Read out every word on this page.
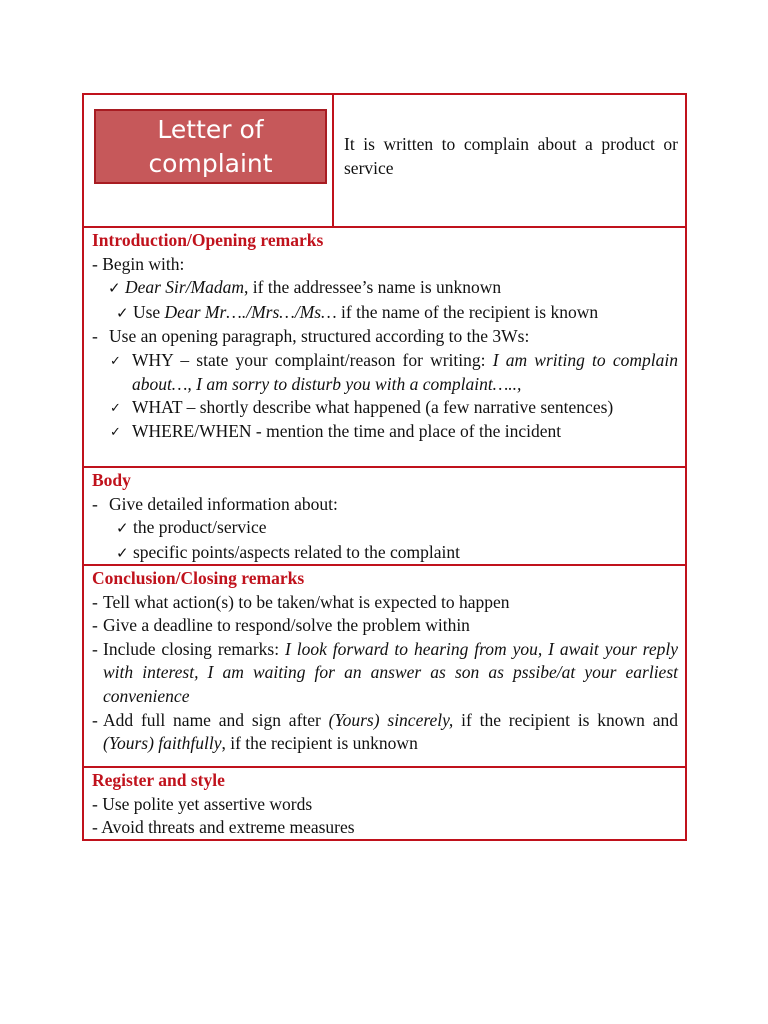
Letter of
complaint
It is written to complain about a product or service
Introduction/Opening remarks
- Begin with:
✓ Dear Sir/Madam, if the addressee’s name is unknown
✓ Use Dear Mr…./Mrs…/Ms… if the name of the recipient is known
- Use an opening paragraph, structured according to the 3Ws:
✓ WHY – state your complaint/reason for writing: I am writing to complain about…, I am sorry to disturb you with a complaint…..,
✓ WHAT – shortly describe what happened (a few narrative sentences)
✓ WHERE/WHEN - mention the time and place of the incident
Body
- Give detailed information about:
✓ the product/service
✓ specific points/aspects related to the complaint
Conclusion/Closing remarks
- Tell what action(s) to be taken/what is expected to happen
- Give a deadline to respond/solve the problem within
- Include closing remarks: I look forward to hearing from you, I await your reply with interest, I am waiting for an answer as son as pssibe/at your earliest convenience
- Add full name and sign after (Yours) sincerely, if the recipient is known and (Yours) faithfully, if the recipient is unknown
Register and style
- Use polite yet assertive words
- Avoid threats and extreme measures
